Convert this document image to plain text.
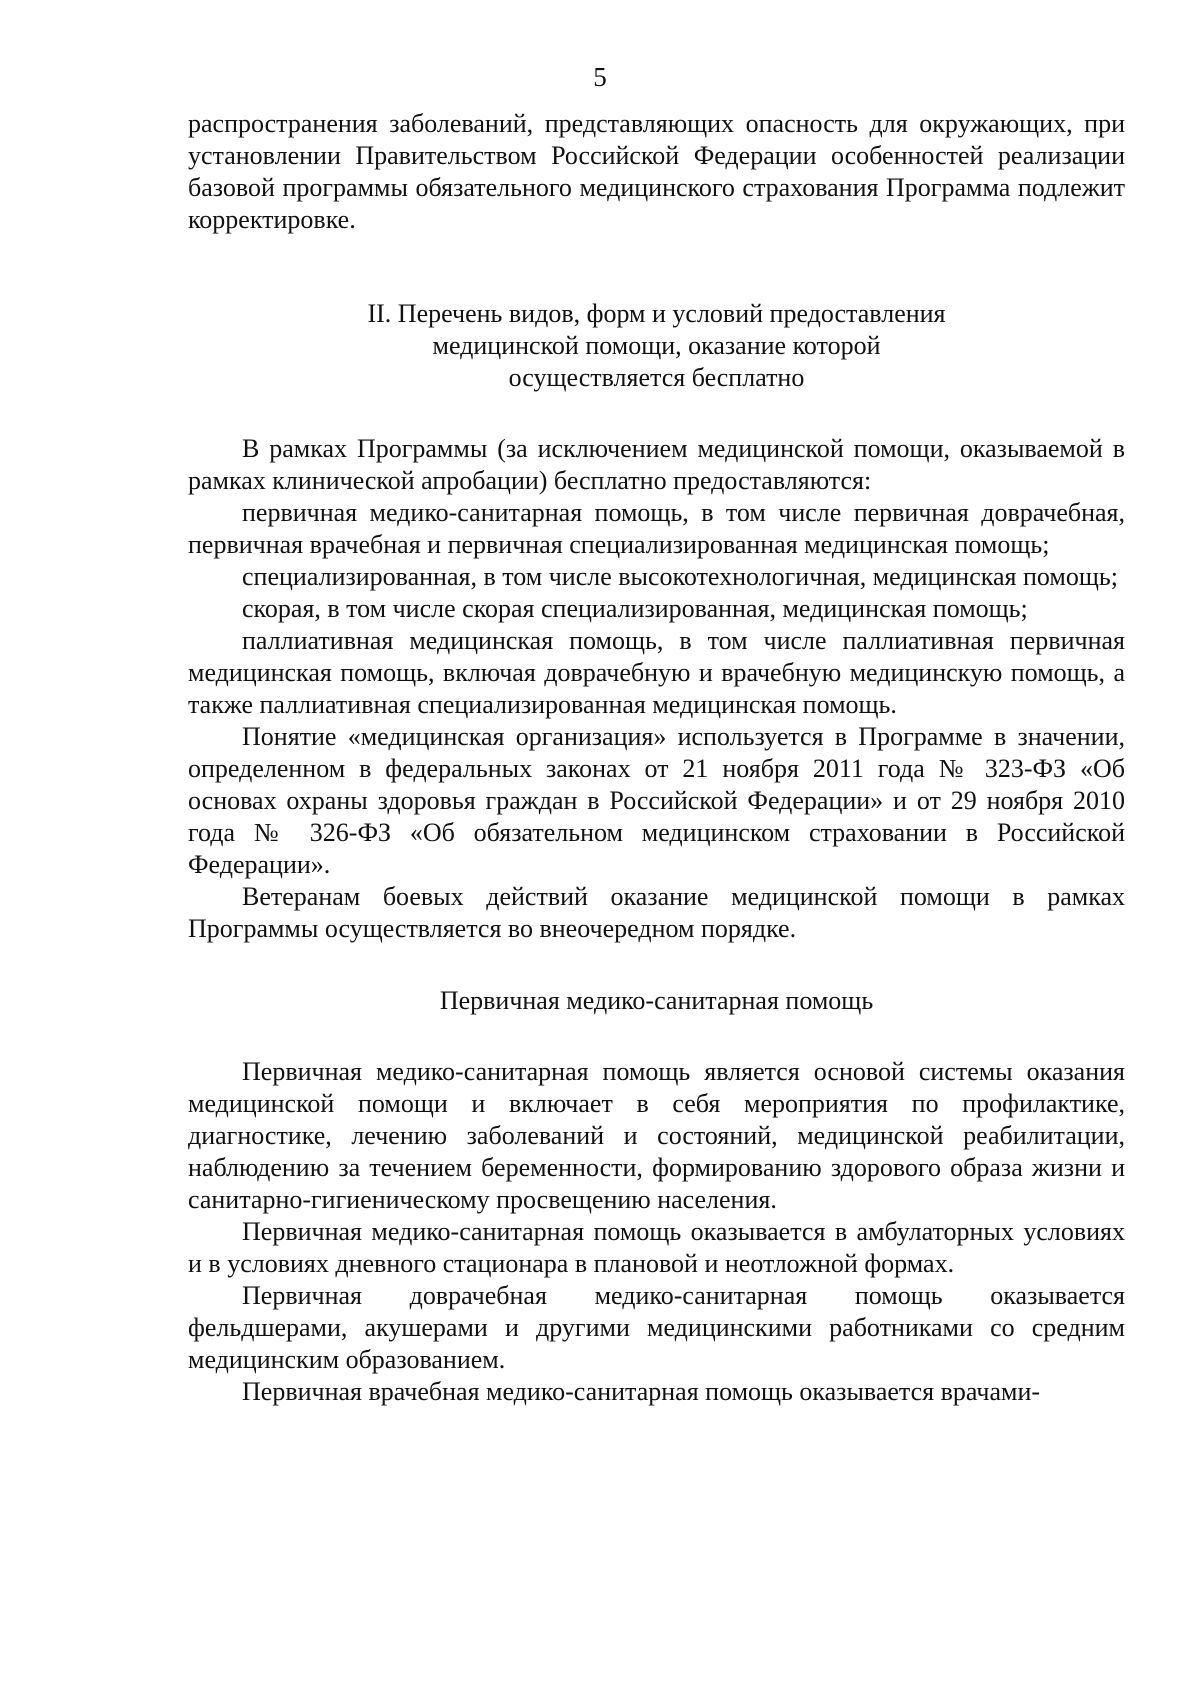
5

распространения заболеваний, представляющих опасность для окружающих, при установлении Правительством Российской Федерации особенностей реализации базовой программы обязательного медицинского страхования Программа подлежит корректировке.

II. Перечень видов, форм и условий предоставления
медицинской помощи, оказание которой
осуществляется бесплатно

В рамках Программы (за исключением медицинской помощи, оказываемой в рамках клинической апробации) бесплатно предоставляются:

первичная медико-санитарная помощь, в том числе первичная доврачебная, первичная врачебная и первичная специализированная медицинская помощь;

специализированная, в том числе высокотехнологичная, медицинская помощь;

скорая, в том числе скорая специализированная, медицинская помощь;

паллиативная медицинская помощь, в том числе паллиативная первичная медицинская помощь, включая доврачебную и врачебную медицинскую помощь, а также паллиативная специализированная медицинская помощь.

Понятие «медицинская организация» используется в Программе в значении, определенном в федеральных законах от 21 ноября 2011 года № 323-ФЗ «Об основах охраны здоровья граждан в Российской Федерации» и от 29 ноября 2010 года № 326-ФЗ «Об обязательном медицинском страховании в Российской Федерации».

Ветеранам боевых действий оказание медицинской помощи в рамках Программы осуществляется во внеочередном порядке.

Первичная медико-санитарная помощь

Первичная медико-санитарная помощь является основой системы оказания медицинской помощи и включает в себя мероприятия по профилактике, диагностике, лечению заболеваний и состояний, медицинской реабилитации, наблюдению за течением беременности, формированию здорового образа жизни и санитарно-гигиеническому просвещению населения.

Первичная медико-санитарная помощь оказывается в амбулаторных условиях и в условиях дневного стационара в плановой и неотложной формах.

Первичная доврачебная медико-санитарная помощь оказывается фельдшерами, акушерами и другими медицинскими работниками со средним медицинским образованием.

Первичная врачебная медико-санитарная помощь оказывается врачами-
